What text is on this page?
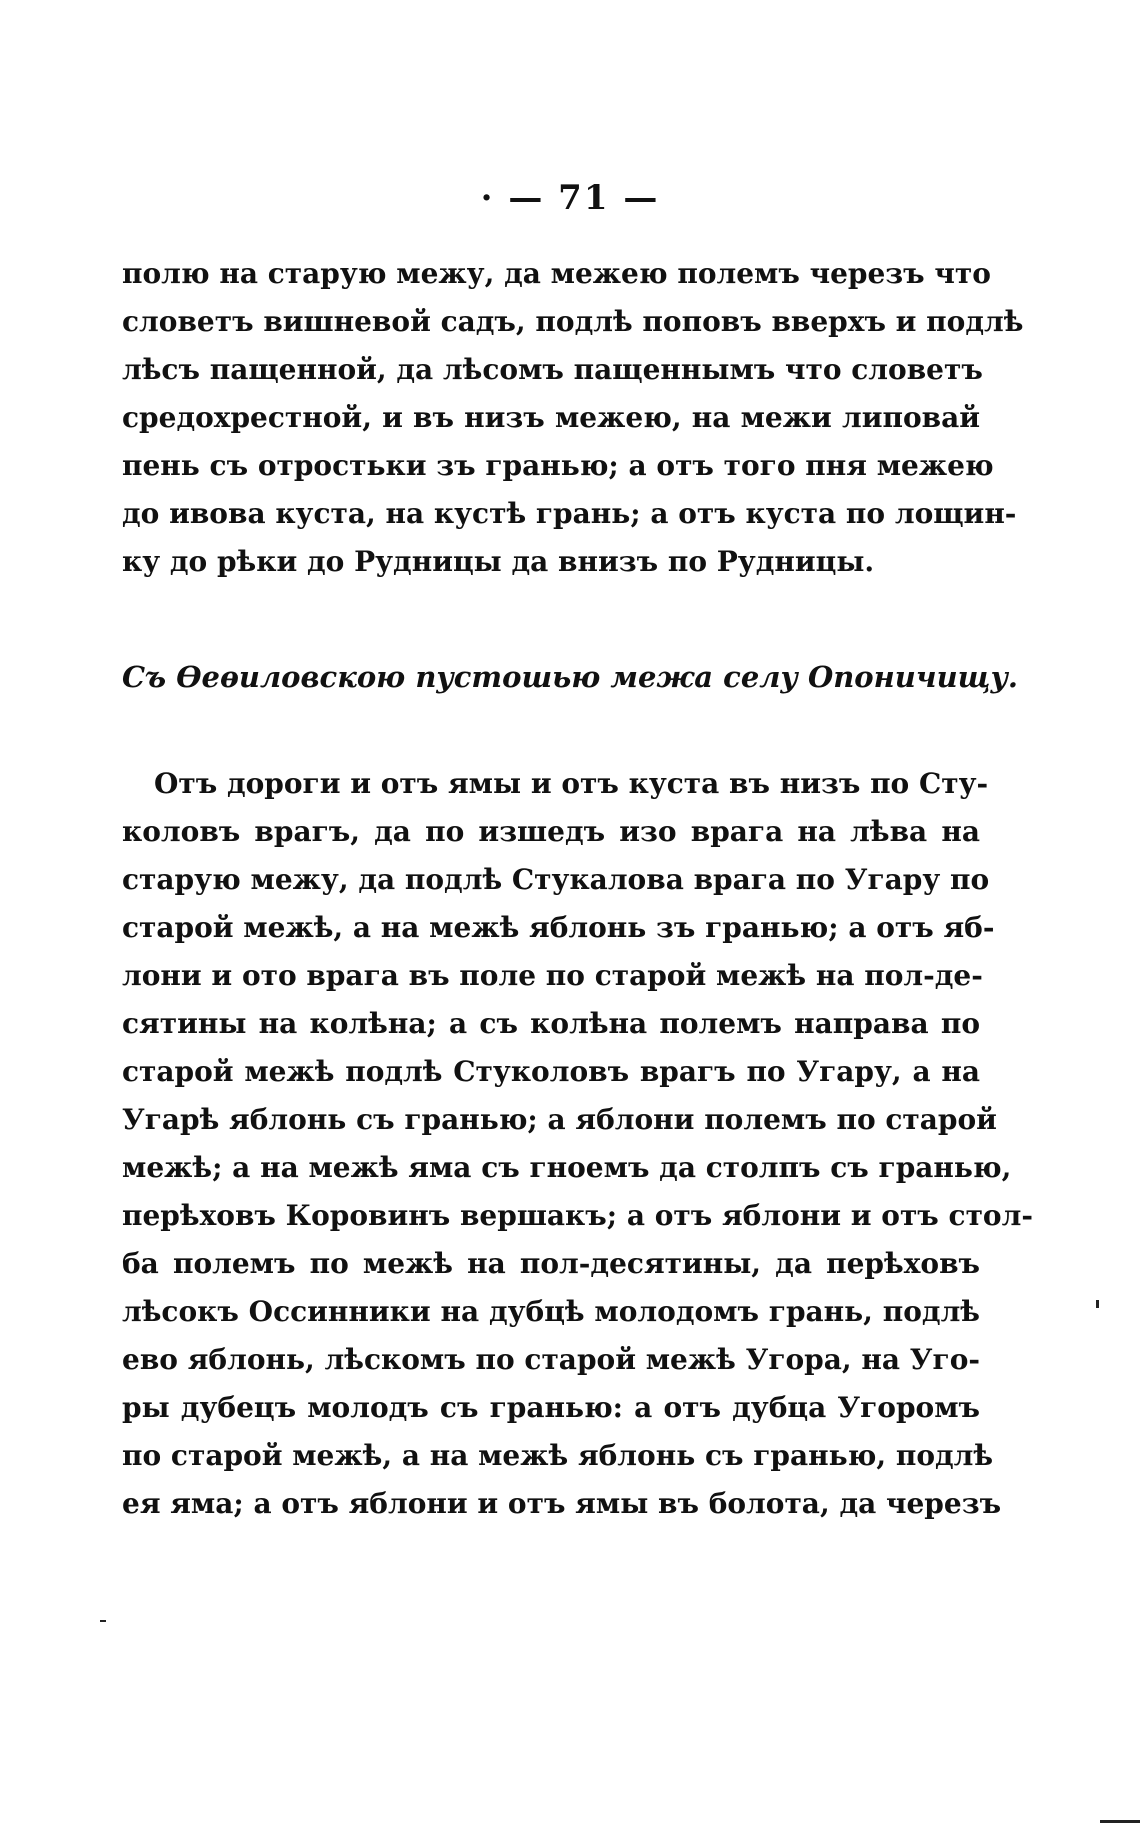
· — 71 —
полю на старую межу, да межею полемъ черезъ что
словетъ вишневой садъ, подлѣ поповъ вверхъ и подлѣ
лѣсъ пащенной, да лѣсомъ пащеннымъ что словетъ
средохрестной, и въ низъ межею, на межи липовай
пень съ отростьки зъ гранью; а отъ того пня межею
до ивова куста, на кустѣ грань; а отъ куста по лощин-
ку до рѣки до Рудницы да внизъ по Рудницы.
Съ Ѳеѳиловскою пустошью межа селу Опоничищу.
Отъ дороги и отъ ямы и отъ куста въ низъ по Сту-
коловъ врагъ, да по изшедъ изо врага на лѣва на
старую межу, да подлѣ Стукалова врага по Угару по
старой межѣ, а на межѣ яблонь зъ гранью; а отъ яб-
лони и ото врага въ поле по старой межѣ на пол-де-
сятины на колѣна; а съ колѣна полемъ направа по
старой межѣ подлѣ Стуколовъ врагъ по Угару, а на
Угарѣ яблонь съ гранью; а яблони полемъ по старой
межѣ; а на межѣ яма съ гноемъ да столпъ съ гранью,
перѣховъ Коровинъ вершакъ; а отъ яблони и отъ стол-
ба полемъ по межѣ на пол-десятины, да перѣховъ
лѣсокъ Оссинники на дубцѣ молодомъ грань, подлѣ
ево яблонь, лѣскомъ по старой межѣ Угора, на Уго-
ры дубецъ молодъ съ гранью: а отъ дубца Угоромъ
по старой межѣ, а на межѣ яблонь съ гранью, подлѣ
ея яма; а отъ яблони и отъ ямы въ болота, да черезъ
